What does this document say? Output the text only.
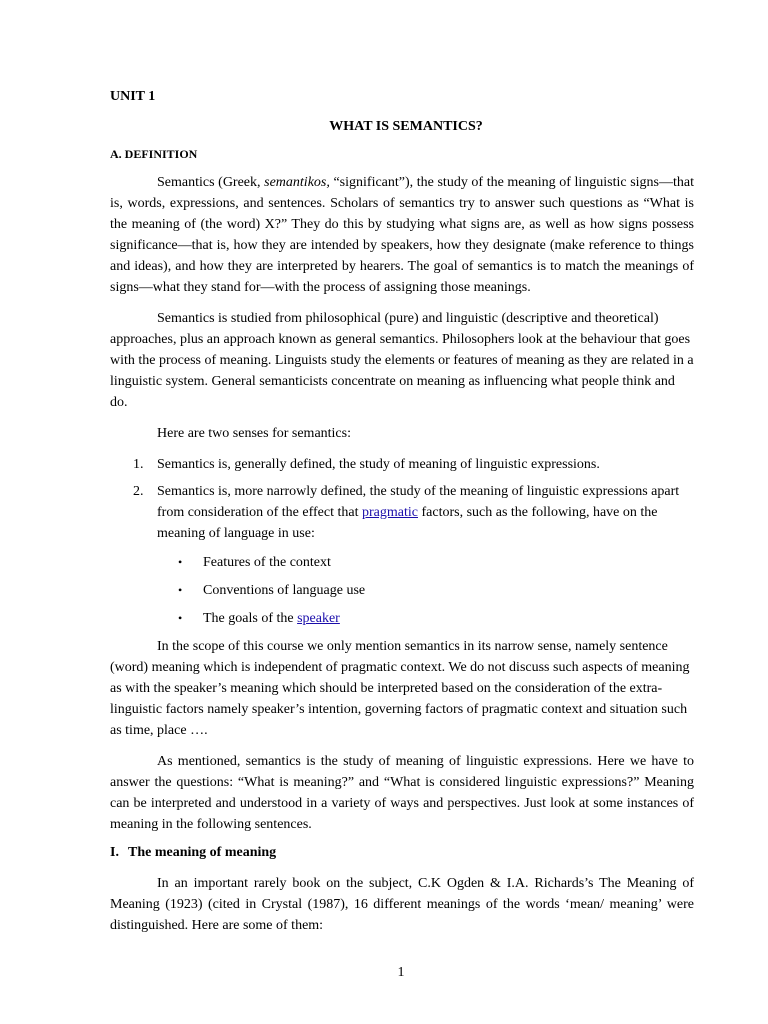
UNIT 1

WHAT IS SEMANTICS?

A. DEFINITION

Semantics (Greek, semantikos, “significant”), the study of the meaning of linguistic signs—that is, words, expressions, and sentences. Scholars of semantics try to answer such questions as “What is the meaning of (the word) X?” They do this by studying what signs are, as well as how signs possess significance—that is, how they are intended by speakers, how they designate (make reference to things and ideas), and how they are interpreted by hearers. The goal of semantics is to match the meanings of signs—what they stand for—with the process of assigning those meanings.

Semantics is studied from philosophical (pure) and linguistic (descriptive and theoretical) approaches, plus an approach known as general semantics. Philosophers look at the behaviour that goes with the process of meaning. Linguists study the elements or features of meaning as they are related in a linguistic system. General semanticists concentrate on meaning as influencing what people think and do.

Here are two senses for semantics:

1. Semantics is, generally defined, the study of meaning of linguistic expressions.
2. Semantics is, more narrowly defined, the study of the meaning of linguistic expressions apart from consideration of the effect that pragmatic factors, such as the following, have on the meaning of language in use:
• Features of the context
• Conventions of language use
• The goals of the speaker

In the scope of this course we only mention semantics in its narrow sense, namely sentence (word) meaning which is independent of pragmatic context. We do not discuss such aspects of meaning as with the speaker’s meaning which should be interpreted based on the consideration of the extra-linguistic factors namely speaker’s intention, governing factors of pragmatic context and situation such as time, place ….

As mentioned, semantics is the study of meaning of linguistic expressions. Here we have to answer the questions: “What is meaning?” and “What is considered linguistic expressions?” Meaning can be interpreted and understood in a variety of ways and perspectives. Just look at some instances of meaning in the following sentences.

I. The meaning of meaning

In an important rarely book on the subject, C.K Ogden & I.A. Richards’s The Meaning of Meaning (1923) (cited in Crystal (1987), 16 different meanings of the words ‘mean/ meaning’ were distinguished. Here are some of them:

1
